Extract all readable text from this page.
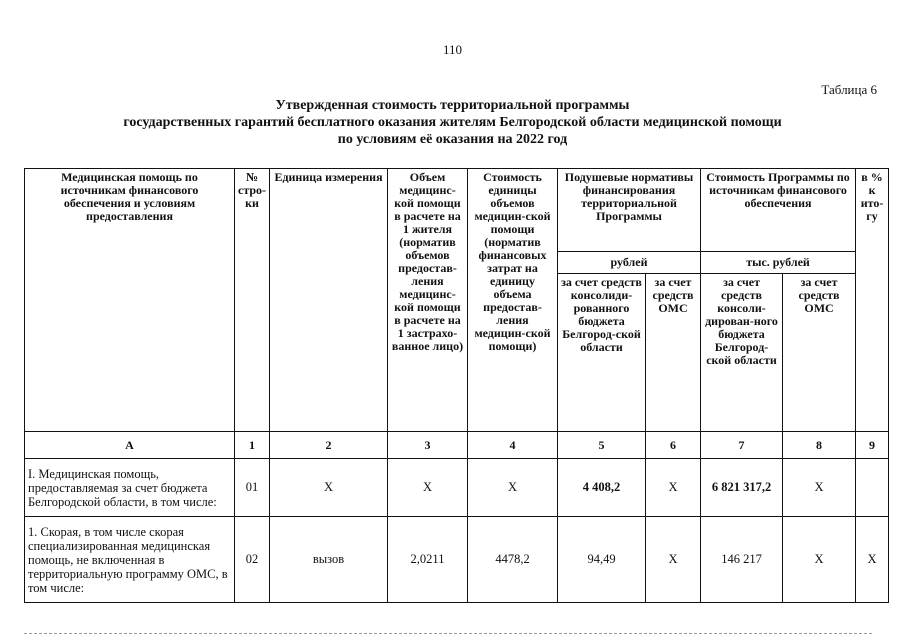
110
Таблица 6
Утвержденная стоимость территориальной программы
государственных гарантий бесплатного оказания жителям Белгородской области медицинской помощи
по условиям её оказания на 2022 год
Медицинская помощь по источникам финансового обеспечения и условиям предоставления	№ стро-ки	Единица измерения	Объем медицинс-кой помощи в расчете на 1 жителя (норматив объемов предостав-ления медицинс-кой помощи в расчете на 1 застрахо-ванное лицо)	Стоимость единицы объемов медицин-ской помощи (норматив финансовых затрат на единицу объема предостав-ления медицин-ской помощи)	Подушевые нормативы финансирования территориальной Программы		Стоимость Программы по источникам финансового обеспечения		в % к ито-гу
					рублей		тыс. рублей		
					за счет средств консолиди-рованного бюджета Белгород-ской области	за счет средств ОМС	за счет средств консоли-дирован-ного бюджета Белгород-ской области	за счет средств ОМС	
А	1	2	3	4	5	6	7	8	9
I. Медицинская помощь, предоставляемая за счет бюджета Белгородской области, в том числе:	01	Х	Х	Х	4 408,2	Х	6 821 317,2	Х	
1. Скорая, в том числе скорая специализированная медицинская помощь, не включенная в территориальную программу ОМС, в том числе:	02	вызов	2,0211	4478,2	94,49	Х	146 217	Х	Х
